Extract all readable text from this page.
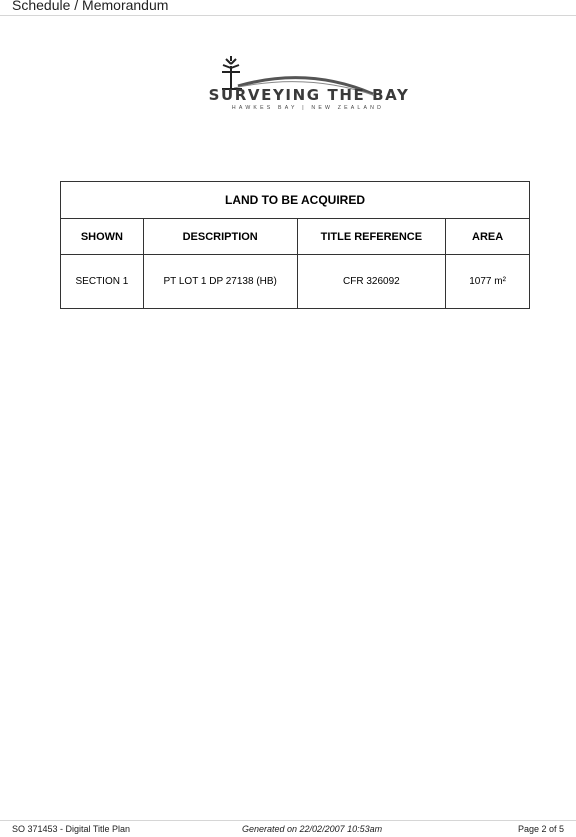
Schedule / Memorandum
SURVEYING THE BAY
HAWKES BAY | NEW ZEALAND
LAND TO BE ACQUIRED			
SHOWN	DESCRIPTION	TITLE REFERENCE	AREA
SECTION 1	PT LOT 1 DP 27138 (HB)	CFR 326092	1077 m²
SO 371453 - Digital Title Plan	Generated on 22/02/2007 10:53am	Page 2 of 5
